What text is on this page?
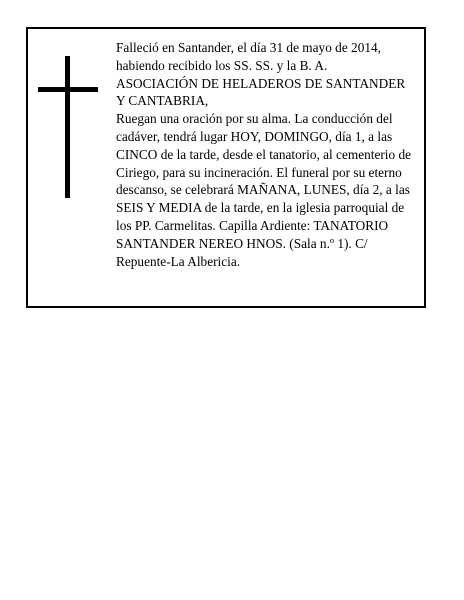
Falleció en Santander, el día 31 de mayo de 2014,
habiendo recibido los SS. SS. y la B. A.
ASOCIACIÓN DE HELADEROS DE SANTANDER
Y CANTABRIA,
Ruegan una oración por su alma. La conducción del
cadáver, tendrá lugar HOY, DOMINGO, día 1, a las
CINCO de la tarde, desde el tanatorio, al cementerio de
Ciriego, para su incineración. El funeral por su eterno
descanso, se celebrará MAÑANA, LUNES, día 2, a las
SEIS Y MEDIA de la tarde, en la iglesia parroquial de
los PP. Carmelitas. Capilla Ardiente: TANATORIO
SANTANDER NEREO HNOS. (Sala n.º 1). C/
Repuente-La Albericia.
